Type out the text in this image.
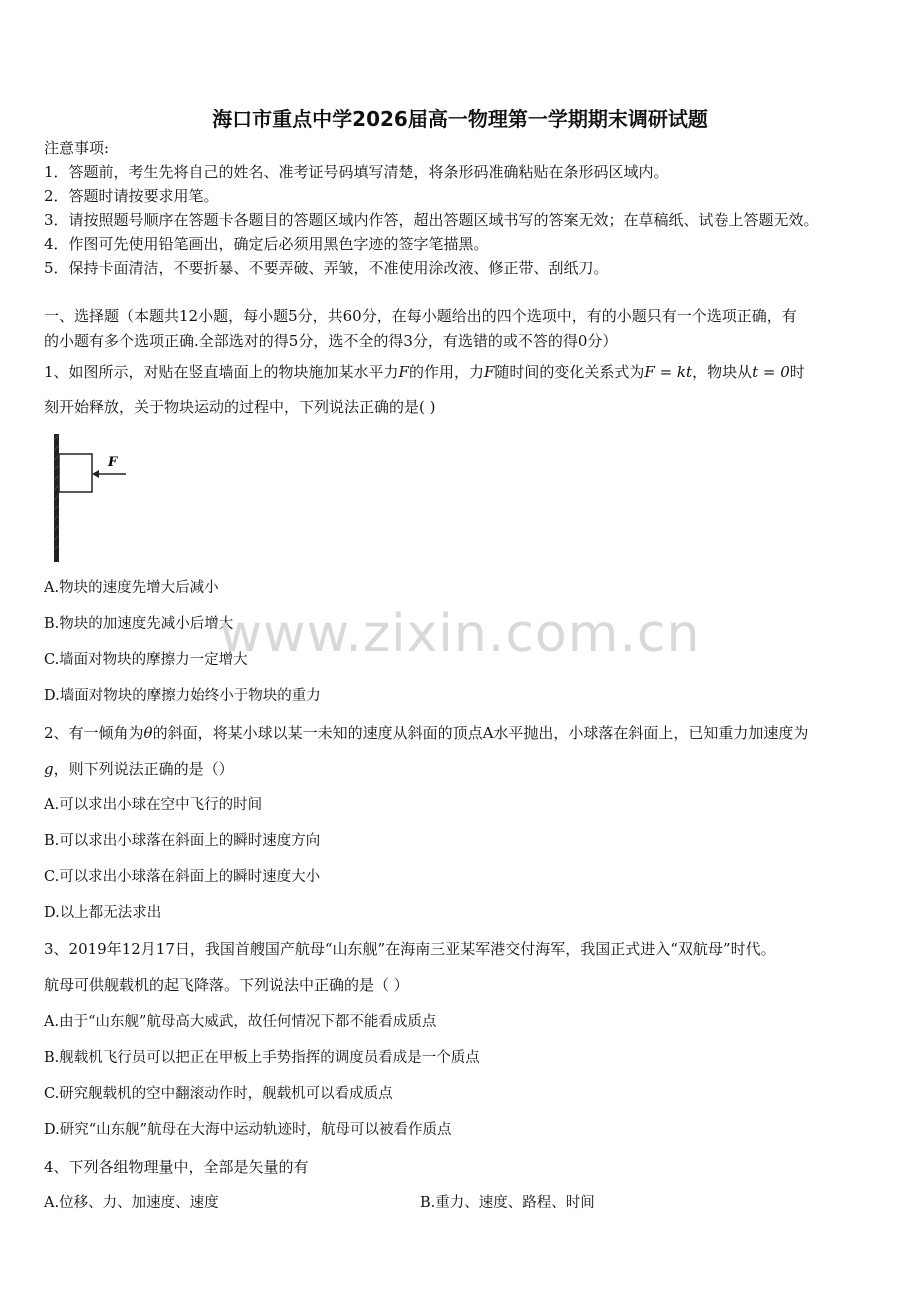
海口市重点中学2026届高一物理第一学期期末调研试题
注意事项:
1．答题前，考生先将自己的姓名、准考证号码填写清楚，将条形码准确粘贴在条形码区域内。
2．答题时请按要求用笔。
3．请按照题号顺序在答题卡各题目的答题区域内作答，超出答题区域书写的答案无效；在草稿纸、试卷上答题无效。
4．作图可先使用铅笔画出，确定后必须用黑色字迹的签字笔描黑。
5．保持卡面清洁，不要折暴、不要弄破、弄皱，不准使用涂改液、修正带、刮纸刀。
一、选择题（本题共12小题，每小题5分，共60分，在每小题给出的四个选项中，有的小题只有一个选项正确，有
的小题有多个选项正确.全部选对的得5分，选不全的得3分，有选错的或不答的得0分）
1、如图所示，对贴在竖直墙面上的物块施加某水平力F的作用，力F随时间的变化关系式为F = kt，物块从t = 0时
刻开始释放，关于物块运动的过程中，下列说法正确的是( )
F
A.物块的速度先增大后减小
B.物块的加速度先减小后增大
C.墙面对物块的摩擦力一定增大
D.墙面对物块的摩擦力始终小于物块的重力
2、有一倾角为θ的斜面，将某小球以某一未知的速度从斜面的顶点A水平抛出，小球落在斜面上，已知重力加速度为
g，则下列说法正确的是（）
A.可以求出小球在空中飞行的时间
B.可以求出小球落在斜面上的瞬时速度方向
C.可以求出小球落在斜面上的瞬时速度大小
D.以上都无法求出
3、2019年12月17日，我国首艘国产航母“山东舰”在海南三亚某军港交付海军，我国正式进入“双航母”时代。
航母可供舰载机的起飞降落。下列说法中正确的是（ ）
A.由于“山东舰”航母高大威武，故任何情况下都不能看成质点
B.舰载机飞行员可以把正在甲板上手势指挥的调度员看成是一个质点
C.研究舰载机的空中翻滚动作时，舰载机可以看成质点
D.研究“山东舰”航母在大海中运动轨迹时，航母可以被看作质点
4、下列各组物理量中，全部是矢量的有
A.位移、力、加速度、速度	B.重力、速度、路程、时间
www.zixin.com.cn
